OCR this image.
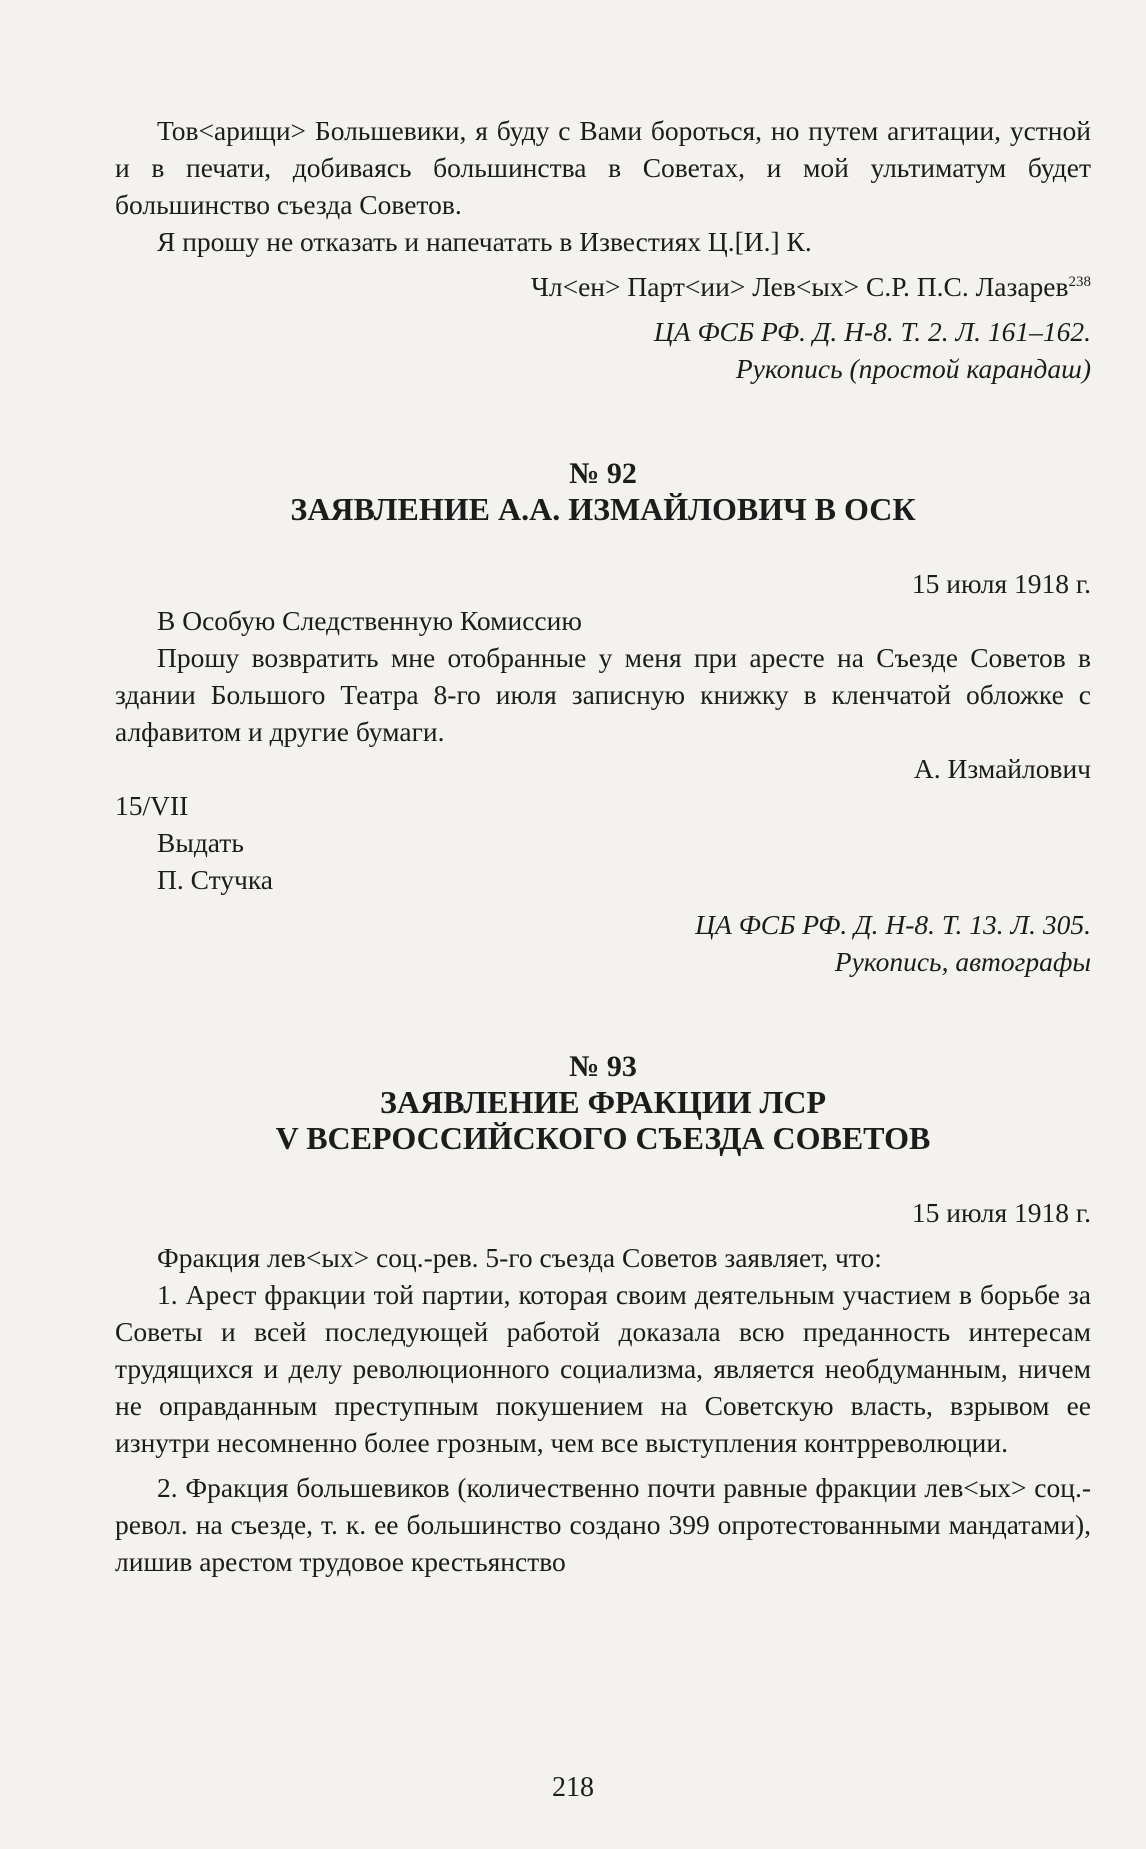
Тов<арищи> Большевики, я буду с Вами бороться, но путем агитации, устной и в печати, добиваясь большинства в Советах, и мой ультиматум будет большинство съезда Советов.

Я прошу не отказать и напечатать в Известиях Ц.[И.] К.

Чл<ен> Парт<ии> Лев<ых> С.Р. П.С. Лазарев$^{238}$

ЦА ФСБ РФ. Д. Н-8. Т. 2. Л. 161–162.

Рукопись (простой карандаш)

№ 92
ЗАЯВЛЕНИЕ А.А. ИЗМАЙЛОВИЧ В ОСК

15 июля 1918 г.

В Особую Следственную Комиссию

Прошу возвратить мне отобранные у меня при аресте на Съезде Советов в здании Большого Театра 8-го июля записную книжку в кленчатой обложке с алфавитом и другие бумаги.

А. Измайлович

15/VII

Выдать

П. Стучка

ЦА ФСБ РФ. Д. Н-8. Т. 13. Л. 305.

Рукопись, автографы

№ 93
ЗАЯВЛЕНИЕ ФРАКЦИИ ЛСР
V ВСЕРОССИЙСКОГО СЪЕЗДА СОВЕТОВ

15 июля 1918 г.

Фракция лев<ых> соц.-рев. 5-го съезда Советов заявляет, что:

1. Арест фракции той партии, которая своим деятельным участием в борьбе за Советы и всей последующей работой доказала всю преданность интересам трудящихся и делу революционного социализма, является необдуманным, ничем не оправданным преступным покушением на Советскую власть, взрывом ее изнутри несомненно более грозным, чем все выступления контрреволюции.

2. Фракция большевиков (количественно почти равные фракции лев<ых> соц.-револ. на съезде, т. к. ее большинство создано 399 опротестованными мандатами), лишив арестом трудовое крестьянство

218
